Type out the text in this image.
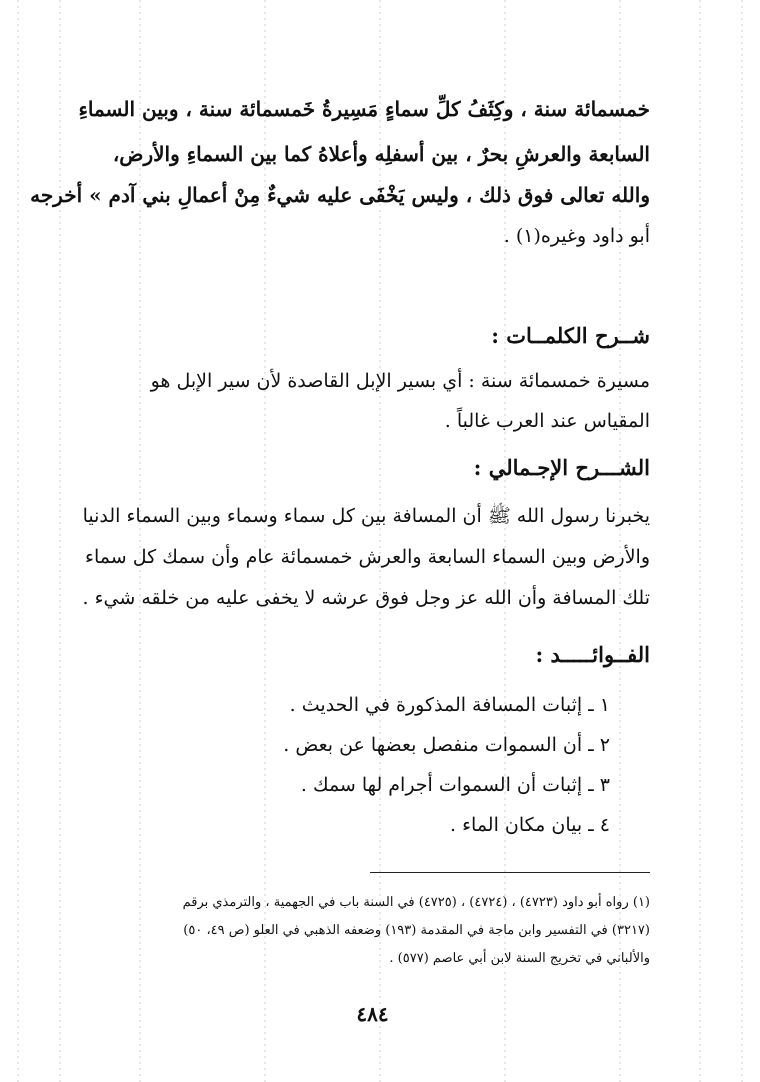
خمسمائة سنة ، وكِثَفُ كلِّ سماءٍ مَسِيرةُ خَمسمائة سنة ، وبين السماءِ
السابعة والعرشِ بحرٌ ، بين أسفلِه وأعلاهُ كما بين السماءِ والأرض،
والله تعالى فوق ذلك ، وليس يَخْفَى عليه شيءٌ مِنْ أعمالِ بني آدم » أخرجه
أبو داود وغيره(١) .
شــرح الكلمــات :
مسيرة خمسمائة سنة : أي بسير الإبل القاصدة لأن سير الإبل هو
المقياس عند العرب غالباً .
الشـــرح الإجـمالي :
يخبرنا رسول الله ﷺ أن المسافة بين كل سماء وسماء وبين السماء الدنيا
والأرض وبين السماء السابعة والعرش خمسمائة عام وأن سمك كل سماء
تلك المسافة وأن الله عز وجل فوق عرشه لا يخفى عليه من خلقه شيء .
الفــوائـــــد :
١ ـ إثبات المسافة المذكورة في الحديث .
٢ ـ أن السموات منفصل بعضها عن بعض .
٣ ـ إثبات أن السموات أجرام لها سمك .
٤ ـ بيان مكان الماء .
(١) رواه أبو داود (٤٧٢٣) ، (٤٧٢٤) ، (٤٧٢٥) في السنة باب في الجهمية ، والترمذي برقم
(٣٢١٧) في التفسير وابن ماجة في المقدمة (١٩٣) وضعفه الذهبي في العلو (ص ٤٩، ٥٠)
والألباني في تخريج السنة لابن أبي عاصم (٥٧٧) .
٤٨٤
